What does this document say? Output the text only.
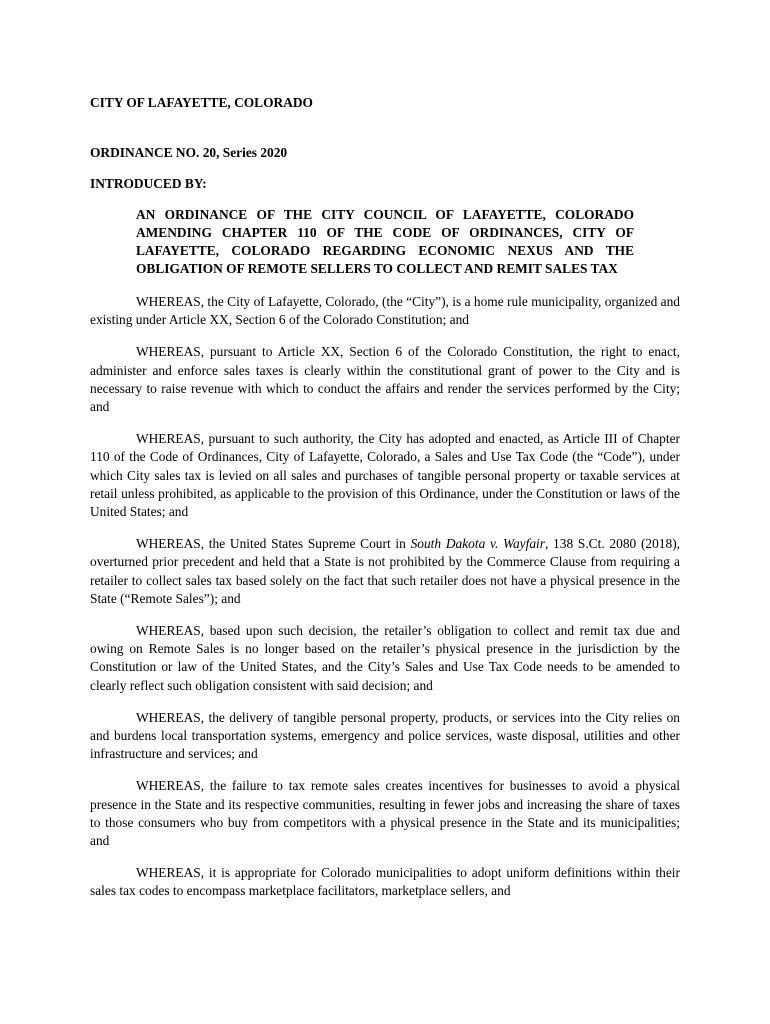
CITY OF LAFAYETTE, COLORADO

ORDINANCE NO. 20, Series 2020

INTRODUCED BY:

AN ORDINANCE OF THE CITY COUNCIL OF LAFAYETTE, COLORADO AMENDING CHAPTER 110 OF THE CODE OF ORDINANCES, CITY OF LAFAYETTE, COLORADO REGARDING ECONOMIC NEXUS AND THE OBLIGATION OF REMOTE SELLERS TO COLLECT AND REMIT SALES TAX

WHEREAS, the City of Lafayette, Colorado, (the “City”), is a home rule municipality, organized and existing under Article XX, Section 6 of the Colorado Constitution; and

WHEREAS, pursuant to Article XX, Section 6 of the Colorado Constitution, the right to enact, administer and enforce sales taxes is clearly within the constitutional grant of power to the City and is necessary to raise revenue with which to conduct the affairs and render the services performed by the City; and

WHEREAS, pursuant to such authority, the City has adopted and enacted, as Article III of Chapter 110 of the Code of Ordinances, City of Lafayette, Colorado, a Sales and Use Tax Code (the “Code”), under which City sales tax is levied on all sales and purchases of tangible personal property or taxable services at retail unless prohibited, as applicable to the provision of this Ordinance, under the Constitution or laws of the United States; and

WHEREAS, the United States Supreme Court in South Dakota v. Wayfair, 138 S.Ct. 2080 (2018), overturned prior precedent and held that a State is not prohibited by the Commerce Clause from requiring a retailer to collect sales tax based solely on the fact that such retailer does not have a physical presence in the State (“Remote Sales”); and

WHEREAS, based upon such decision, the retailer’s obligation to collect and remit tax due and owing on Remote Sales is no longer based on the retailer’s physical presence in the jurisdiction by the Constitution or law of the United States, and the City’s Sales and Use Tax Code needs to be amended to clearly reflect such obligation consistent with said decision; and

WHEREAS, the delivery of tangible personal property, products, or services into the City relies on and burdens local transportation systems, emergency and police services, waste disposal, utilities and other infrastructure and services; and

WHEREAS, the failure to tax remote sales creates incentives for businesses to avoid a physical presence in the State and its respective communities, resulting in fewer jobs and increasing the share of taxes to those consumers who buy from competitors with a physical presence in the State and its municipalities; and

WHEREAS, it is appropriate for Colorado municipalities to adopt uniform definitions within their sales tax codes to encompass marketplace facilitators, marketplace sellers, and
